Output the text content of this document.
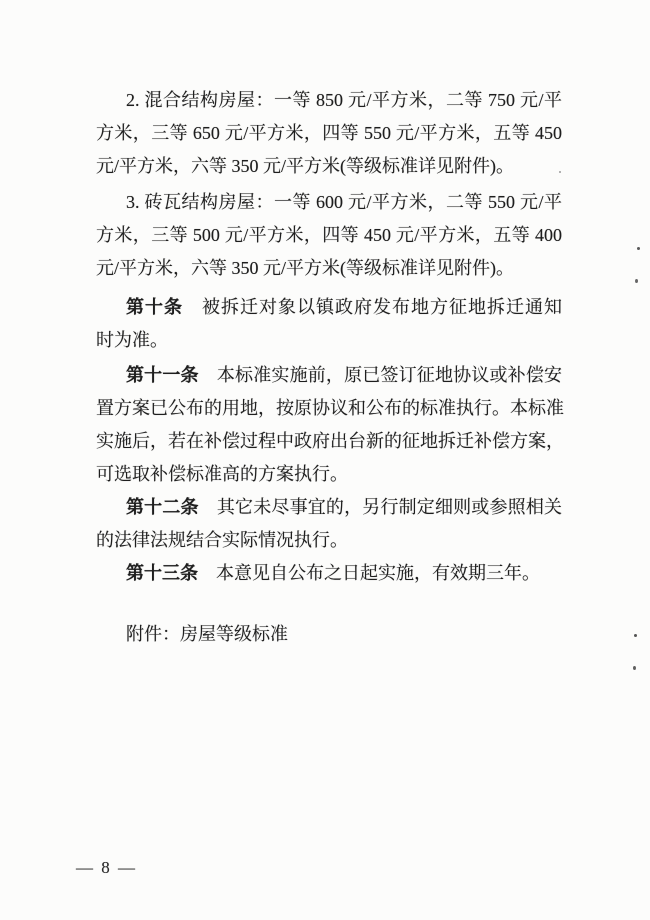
2. 混合结构房屋：一等 850 元/平方米，二等 750 元/平

方米，三等 650 元/平方米，四等 550 元/平方米，五等 450

元/平方米，六等 350 元/平方米(等级标准详见附件)。

3. 砖瓦结构房屋：一等 600 元/平方米，二等 550 元/平

方米，三等 500 元/平方米，四等 450 元/平方米，五等 400

元/平方米，六等 350 元/平方米(等级标准详见附件)。

第十条　被拆迁对象以镇政府发布地方征地拆迁通知

时为准。

第十一条　本标准实施前，原已签订征地协议或补偿安

置方案已公布的用地，按原协议和公布的标准执行。本标准

实施后，若在补偿过程中政府出台新的征地拆迁补偿方案，

可选取补偿标准高的方案执行。

第十二条　其它未尽事宜的，另行制定细则或参照相关

的法律法规结合实际情况执行。

第十三条　本意见自公布之日起实施，有效期三年。

附件：房屋等级标准

— 8 —
